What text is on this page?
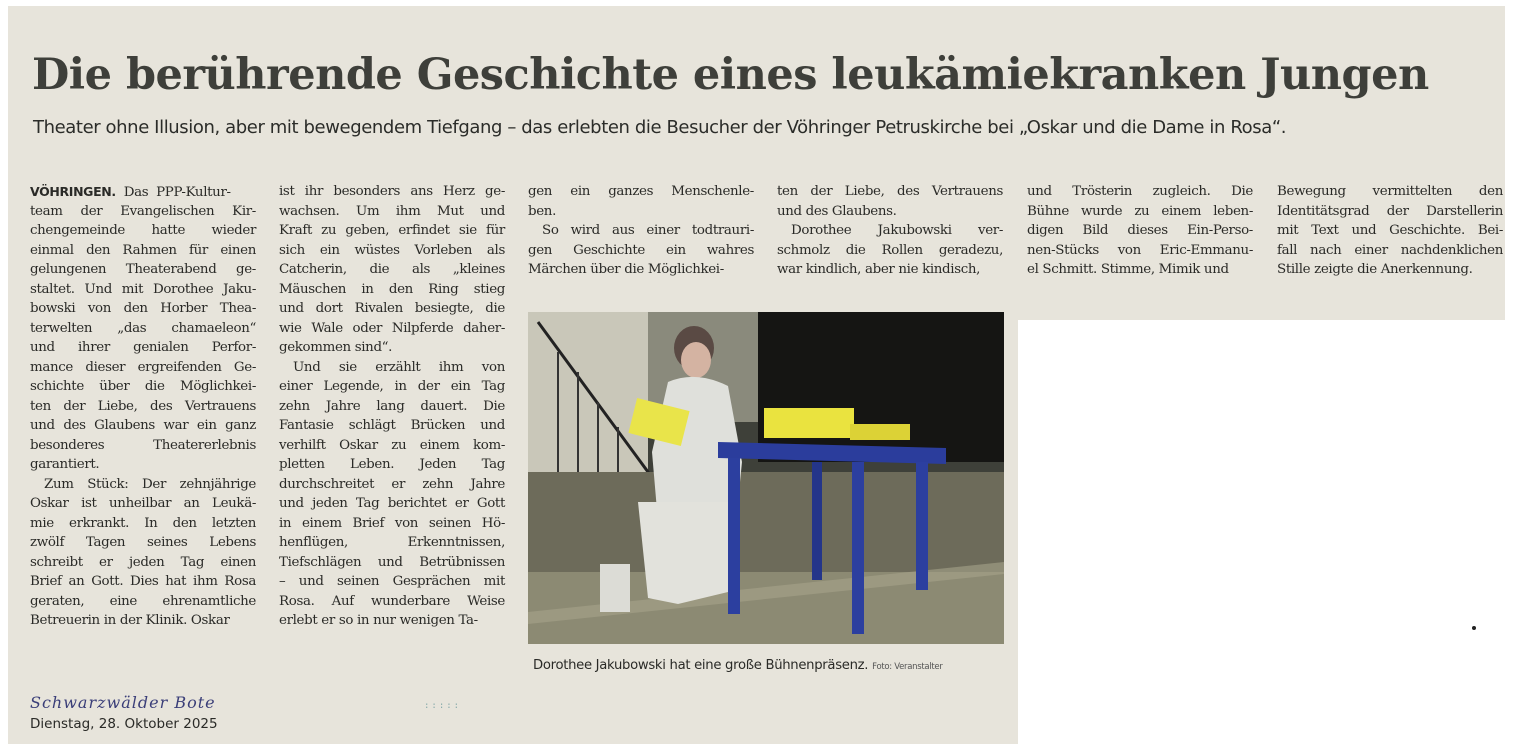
Die berührende Geschichte eines leukämiekranken Jungen
Theater ohne Illusion, aber mit bewegendem Tiefgang – das erlebten die Besucher der Vöhringer Petruskirche bei „Oskar und die Dame in Rosa“.
VÖHRINGEN. Das PPP-Kultur-
team der Evangelischen Kir-
chengemeinde hatte wieder
einmal den Rahmen für einen
gelungenen Theaterabend ge-
staltet. Und mit Dorothee Jaku-
bowski von den Horber Thea-
terwelten „das chamaeleon“
und ihrer genialen Perfor-
mance dieser ergreifenden Ge-
schichte über die Möglichkei-
ten der Liebe, des Vertrauens
und des Glaubens war ein ganz
besonderes Theatererlebnis
garantiert.
Zum Stück: Der zehnjährige
Oskar ist unheilbar an Leukä-
mie erkrankt. In den letzten
zwölf Tagen seines Lebens
schreibt er jeden Tag einen
Brief an Gott. Dies hat ihm Rosa
geraten, eine ehrenamtliche
Betreuerin in der Klinik. Oskar
ist ihr besonders ans Herz ge-
wachsen. Um ihm Mut und
Kraft zu geben, erfindet sie für
sich ein wüstes Vorleben als
Catcherin, die als „kleines
Mäuschen in den Ring stieg
und dort Rivalen besiegte, die
wie Wale oder Nilpferde daher-
gekommen sind“.
Und sie erzählt ihm von
einer Legende, in der ein Tag
zehn Jahre lang dauert. Die
Fantasie schlägt Brücken und
verhilft Oskar zu einem kom-
pletten Leben. Jeden Tag
durchschreitet er zehn Jahre
und jeden Tag berichtet er Gott
in einem Brief von seinen Hö-
henflügen, Erkenntnissen,
Tiefschlägen und Betrübnissen
– und seinen Gesprächen mit
Rosa. Auf wunderbare Weise
erlebt er so in nur wenigen Ta-
gen ein ganzes Menschenle-
ben.
So wird aus einer todtrauri-
gen Geschichte ein wahres
Märchen über die Möglichkei-
ten der Liebe, des Vertrauens
und des Glaubens.
Dorothee Jakubowski ver-
schmolz die Rollen geradezu,
war kindlich, aber nie kindisch,
und Trösterin zugleich. Die
Bühne wurde zu einem leben-
digen Bild dieses Ein-Perso-
nen-Stücks von Eric-Emmanu-
el Schmitt. Stimme, Mimik und
Bewegung vermittelten den
Identitätsgrad der Darstellerin
mit Text und Geschichte. Bei-
fall nach einer nachdenklichen
Stille zeigte die Anerkennung.
Dorothee Jakubowski hat eine große Bühnenpräsenz. Foto: Veranstalter
Schwarzwälder Bote
Dienstag, 28. Oktober 2025
:::::
